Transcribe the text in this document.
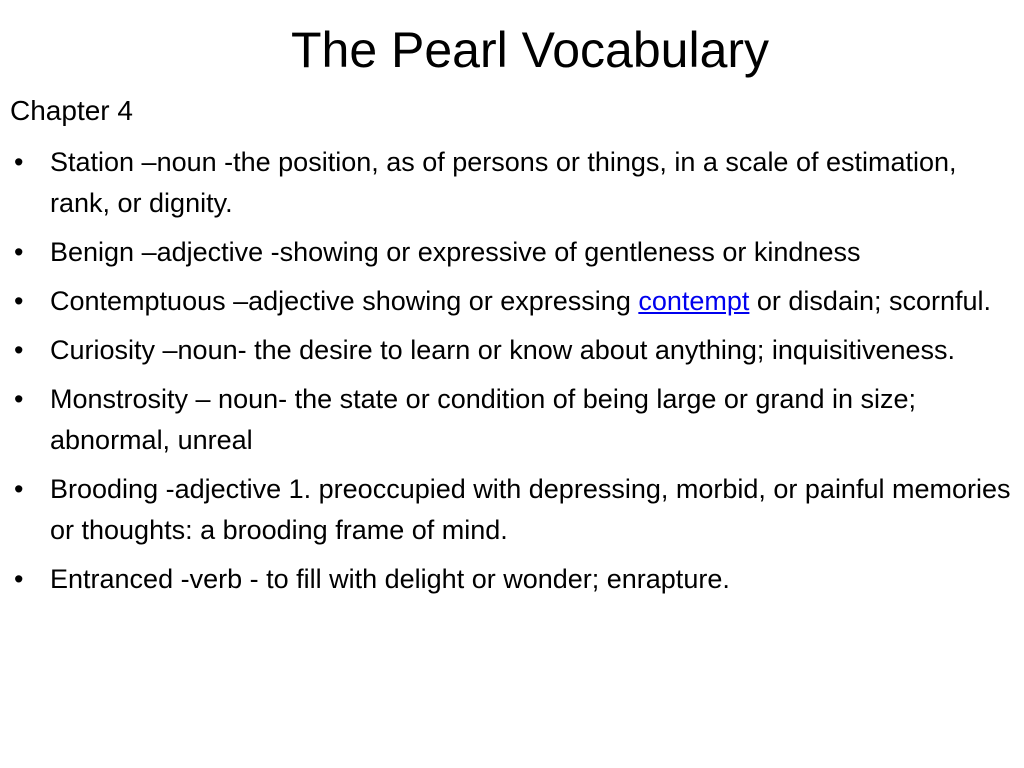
The Pearl Vocabulary

Chapter 4

• Station –noun -the position, as of persons or things, in a scale of estimation, rank, or dignity.
• Benign –adjective -showing or expressive of gentleness or kindness
• Contemptuous –adjective showing or expressing contempt or disdain; scornful.
• Curiosity –noun- the desire to learn or know about anything; inquisitiveness.
• Monstrosity – noun- the state or condition of being large or grand in size; abnormal, unreal
• Brooding -adjective 1. preoccupied with depressing, morbid, or painful memories or thoughts: a brooding frame of mind.
• Entranced -verb - to fill with delight or wonder; enrapture.
